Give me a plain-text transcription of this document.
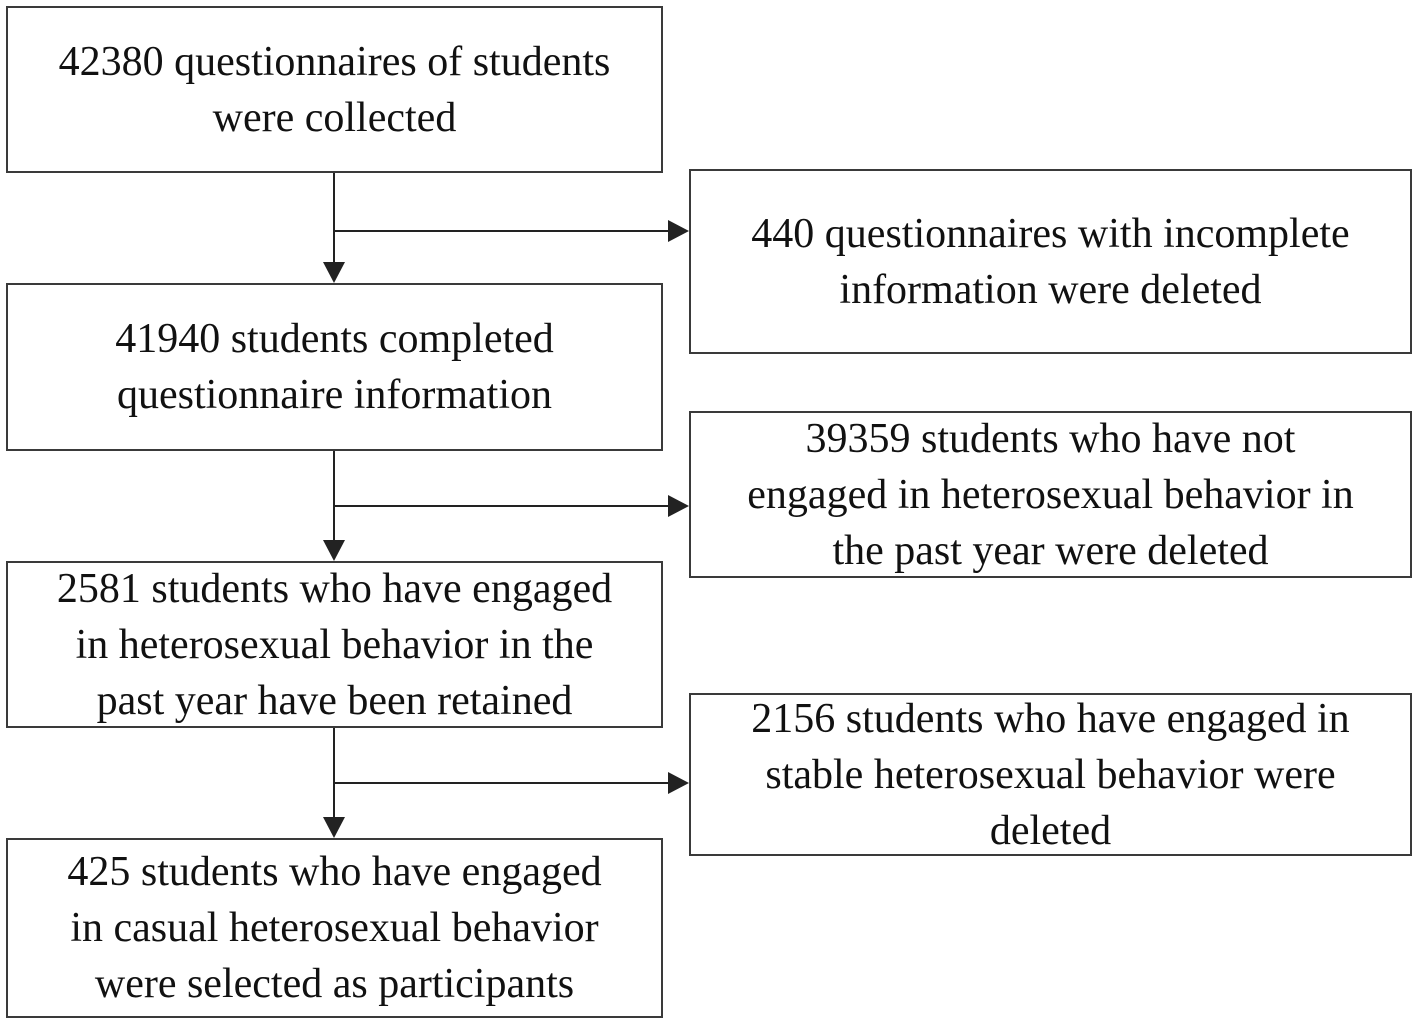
42380 questionnaires of students
were collected
41940 students completed
questionnaire information
2581 students who have engaged
in heterosexual behavior in the
past year have been retained
425 students who have engaged
in casual heterosexual behavior
were selected as participants
440 questionnaires with incomplete
information were deleted
39359 students who have not
engaged in heterosexual behavior in
the past year were deleted
2156 students who have engaged in
stable heterosexual behavior were
deleted
